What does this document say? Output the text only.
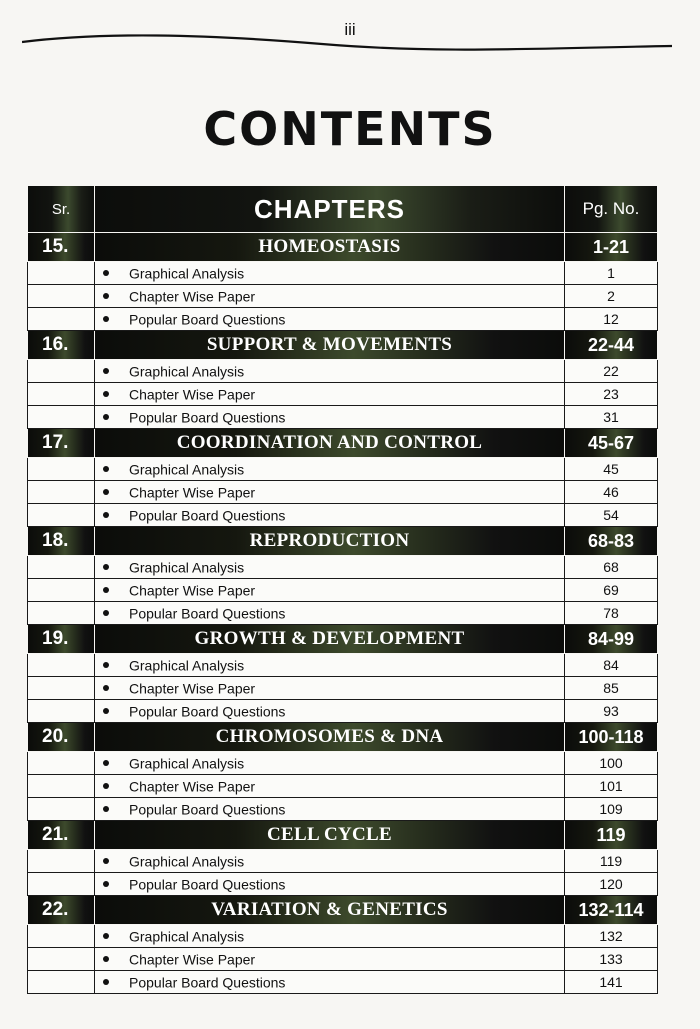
iii
CONTENTS
Sr.	CHAPTERS	Pg. No.
15.	HOMEOSTASIS	1-21
	Graphical Analysis	1
	Chapter Wise Paper	2
	Popular Board Questions	12
16.	SUPPORT & MOVEMENTS	22-44
	Graphical Analysis	22
	Chapter Wise Paper	23
	Popular Board Questions	31
17.	COORDINATION AND CONTROL	45-67
	Graphical Analysis	45
	Chapter Wise Paper	46
	Popular Board Questions	54
18.	REPRODUCTION	68-83
	Graphical Analysis	68
	Chapter Wise Paper	69
	Popular Board Questions	78
19.	GROWTH & DEVELOPMENT	84-99
	Graphical Analysis	84
	Chapter Wise Paper	85
	Popular Board Questions	93
20.	CHROMOSOMES & DNA	100-118
	Graphical Analysis	100
	Chapter Wise Paper	101
	Popular Board Questions	109
21.	CELL CYCLE	119
	Graphical Analysis	119
	Popular Board Questions	120
22.	VARIATION & GENETICS	132-114
	Graphical Analysis	132
	Chapter Wise Paper	133
	Popular Board Questions	141
